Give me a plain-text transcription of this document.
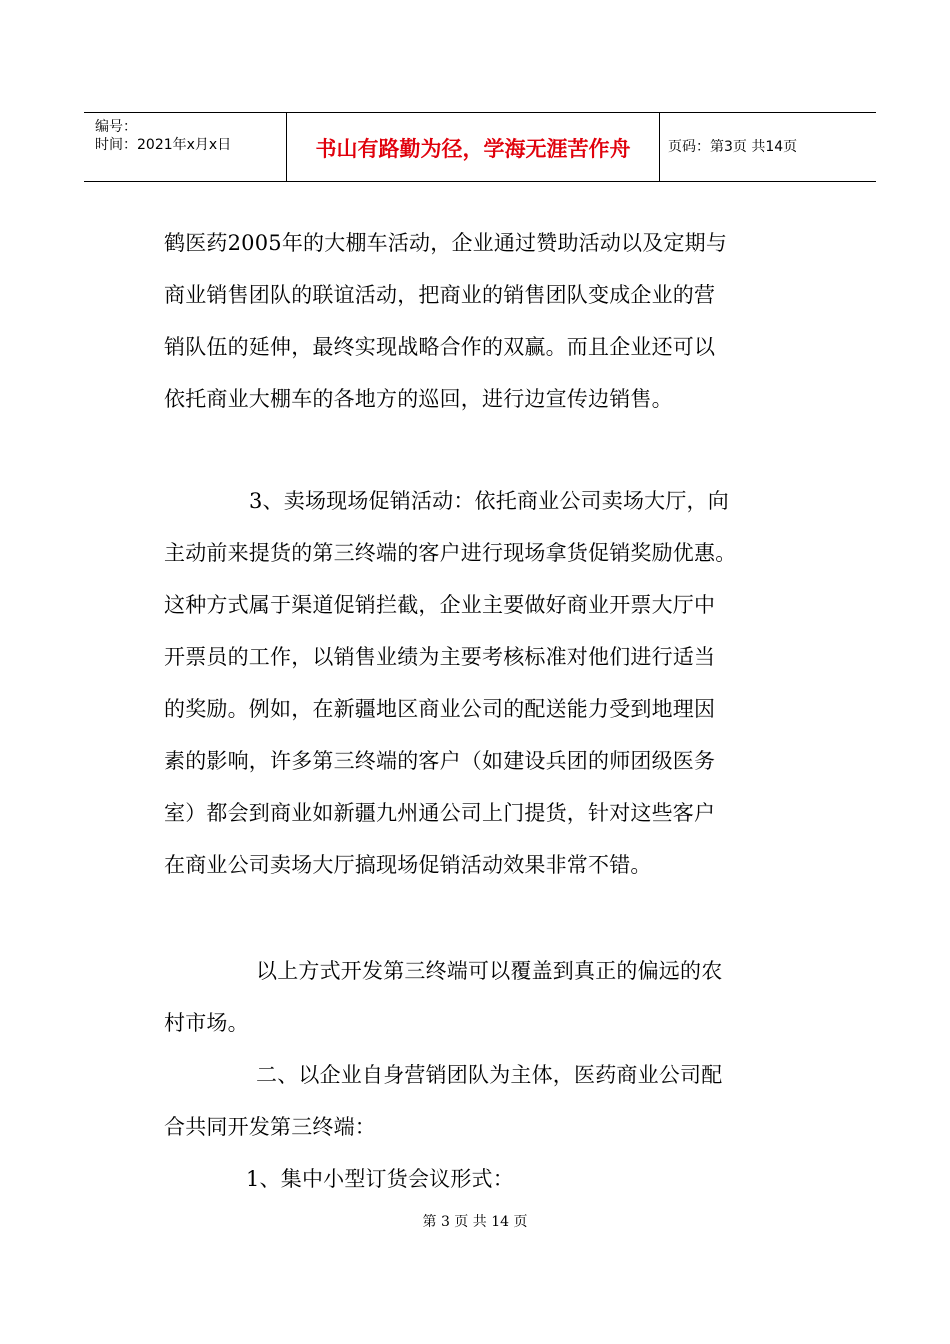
编号：
时间：2021年x月x日	书山有路勤为径，学海无涯苦作舟	页码：第3页 共14页
鹤医药2005年的大棚车活动，企业通过赞助活动以及定期与
商业销售团队的联谊活动，把商业的销售团队变成企业的营
销队伍的延伸，最终实现战略合作的双赢。而且企业还可以
依托商业大棚车的各地方的巡回，进行边宣传边销售。
3、卖场现场促销活动：依托商业公司卖场大厅，向
主动前来提货的第三终端的客户进行现场拿货促销奖励优惠。
这种方式属于渠道促销拦截，企业主要做好商业开票大厅中
开票员的工作，以销售业绩为主要考核标准对他们进行适当
的奖励。例如，在新疆地区商业公司的配送能力受到地理因
素的影响，许多第三终端的客户（如建设兵团的师团级医务
室）都会到商业如新疆九州通公司上门提货，针对这些客户
在商业公司卖场大厅搞现场促销活动效果非常不错。
以上方式开发第三终端可以覆盖到真正的偏远的农
村市场。
二、以企业自身营销团队为主体，医药商业公司配
合共同开发第三终端：
1、集中小型订货会议形式：
第 3 页 共 14 页
